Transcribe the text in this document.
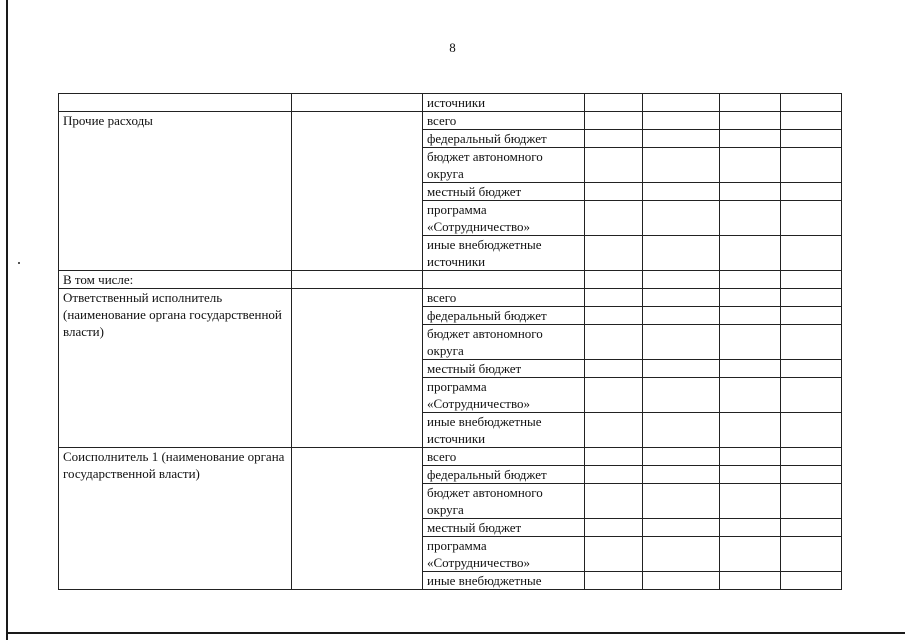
8
		источники				
Прочие расходы		всего				
		федеральный бюджет				
		бюджет автономного округа				
		местный бюджет				
		программа «Сотрудничество»				
		иные внебюджетные источники				
В том числе:						
Ответственный исполнитель (наименование органа государственной власти)		всего				
		федеральный бюджет				
		бюджет автономного округа				
		местный бюджет				
		программа «Сотрудничество»				
		иные внебюджетные источники				
Соисполнитель 1 (наименование органа государственной власти)		всего				
		федеральный бюджет				
		бюджет автономного округа				
		местный бюджет				
		программа «Сотрудничество»				
		иные внебюджетные				
